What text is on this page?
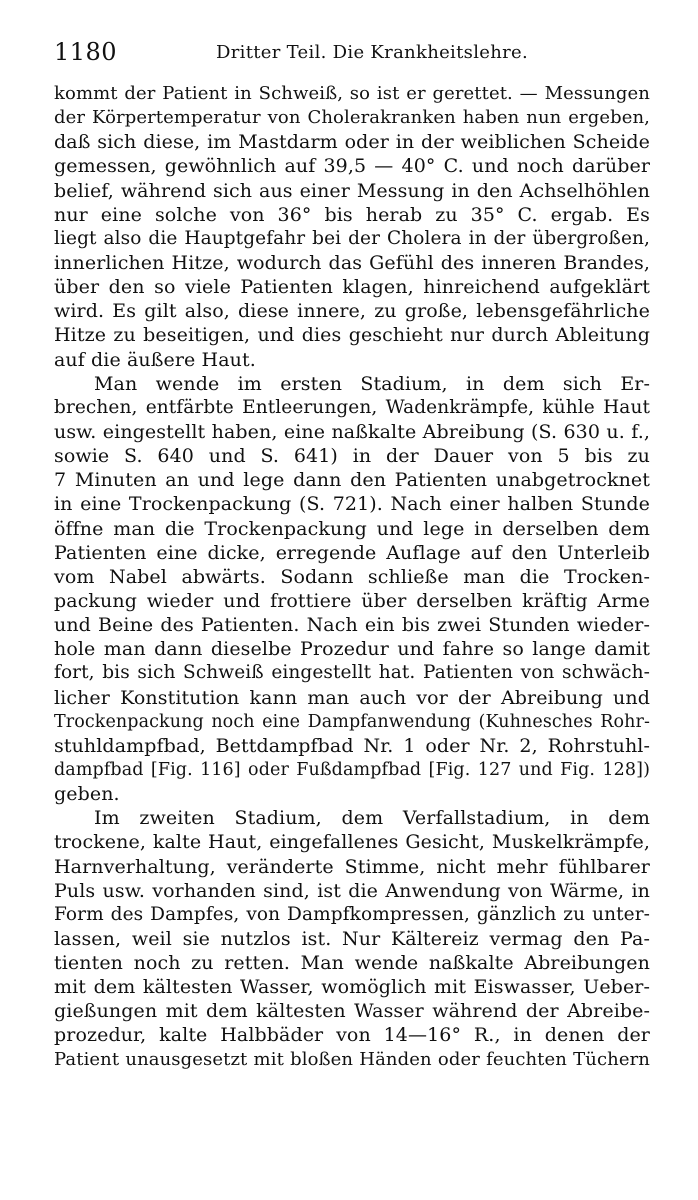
1180	Dritter Teil. Die Krankheitslehre.
kommt der Patient in Schweiß, so ist er gerettet. — Messungen
der Körpertemperatur von Cholerakranken haben nun ergeben,
daß sich diese, im Mastdarm oder in der weiblichen Scheide
gemessen, gewöhnlich auf 39,5 — 40° C. und noch darüber
belief, während sich aus einer Messung in den Achselhöhlen
nur eine solche von 36° bis herab zu 35° C. ergab. Es
liegt also die Hauptgefahr bei der Cholera in der übergroßen,
innerlichen Hitze, wodurch das Gefühl des inneren Brandes,
über den so viele Patienten klagen, hinreichend aufgeklärt
wird. Es gilt also, diese innere, zu große, lebensgefährliche
Hitze zu beseitigen, und dies geschieht nur durch Ableitung
auf die äußere Haut.
Man wende im ersten Stadium, in dem sich Er-
brechen, entfärbte Entleerungen, Wadenkrämpfe, kühle Haut
usw. eingestellt haben, eine naßkalte Abreibung (S. 630 u. f.,
sowie S. 640 und S. 641) in der Dauer von 5 bis zu
7 Minuten an und lege dann den Patienten unabgetrocknet
in eine Trockenpackung (S. 721). Nach einer halben Stunde
öffne man die Trockenpackung und lege in derselben dem
Patienten eine dicke, erregende Auflage auf den Unterleib
vom Nabel abwärts. Sodann schließe man die Trocken-
packung wieder und frottiere über derselben kräftig Arme
und Beine des Patienten. Nach ein bis zwei Stunden wieder-
hole man dann dieselbe Prozedur und fahre so lange damit
fort, bis sich Schweiß eingestellt hat. Patienten von schwäch-
licher Konstitution kann man auch vor der Abreibung und
Trockenpackung noch eine Dampfanwendung (Kuhnesches Rohr-
stuhldampfbad, Bettdampfbad Nr. 1 oder Nr. 2, Rohrstuhl-
dampfbad [Fig. 116] oder Fußdampfbad [Fig. 127 und Fig. 128])
geben.
Im zweiten Stadium, dem Verfallstadium, in dem
trockene, kalte Haut, eingefallenes Gesicht, Muskelkrämpfe,
Harnverhaltung, veränderte Stimme, nicht mehr fühlbarer
Puls usw. vorhanden sind, ist die Anwendung von Wärme, in
Form des Dampfes, von Dampfkompressen, gänzlich zu unter-
lassen, weil sie nutzlos ist. Nur Kältereiz vermag den Pa-
tienten noch zu retten. Man wende naßkalte Abreibungen
mit dem kältesten Wasser, womöglich mit Eiswasser, Ueber-
gießungen mit dem kältesten Wasser während der Abreibe-
prozedur, kalte Halbbäder von 14—16° R., in denen der
Patient unausgesetzt mit bloßen Händen oder feuchten Tüchern
